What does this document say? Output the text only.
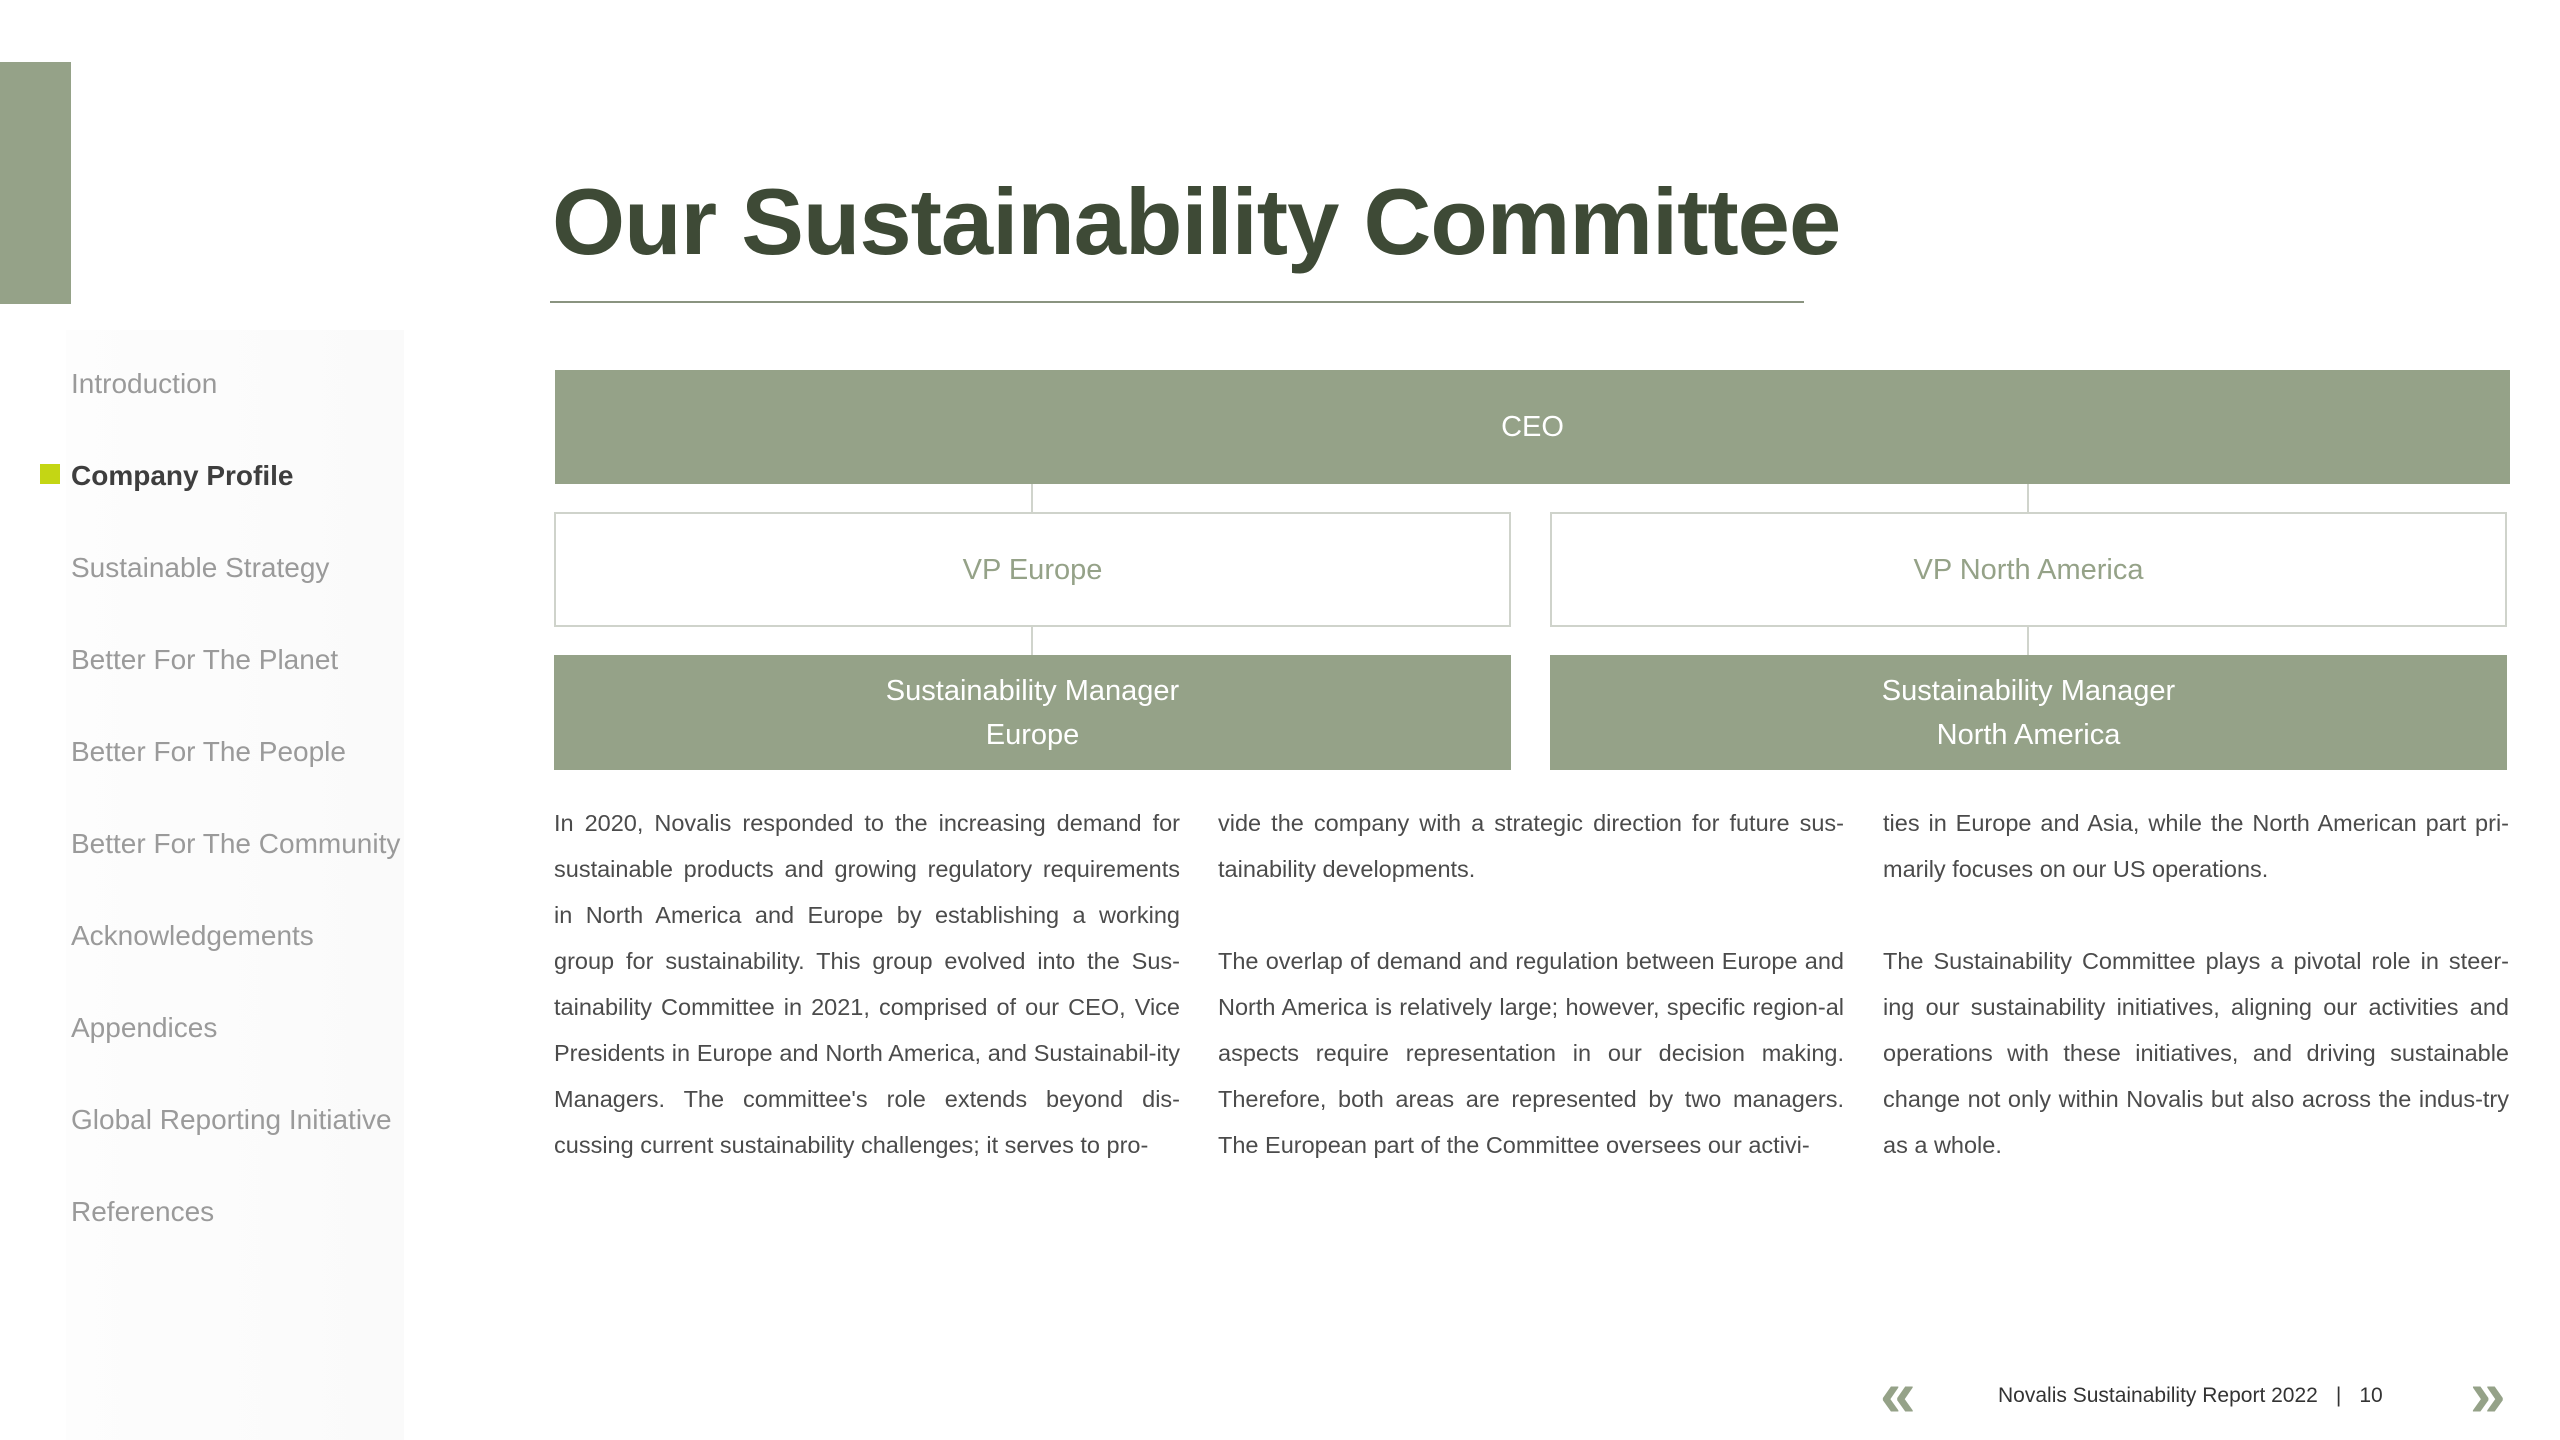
Introduction
Company Profile
Sustainable Strategy
Better For The Planet
Better For The People
Better For The Community
Acknowledgements
Appendices
Global Reporting Initiative
References
Our Sustainability Committee
CEO
VP Europe	VP North America
Sustainability Manager
Europe
Sustainability Manager
North America

In 2020, Novalis responded to the increasing demand for sustainable products and growing regulatory requirements in North America and Europe by establishing a working group for sustainability. This group evolved into the Sus-tainability Committee in 2021, comprised of our CEO, Vice Presidents in Europe and North America, and Sustainabil-ity Managers. The committee's role extends beyond dis-cussing current sustainability challenges; it serves to pro-

vide the company with a strategic direction for future sus-tainability developments.

The overlap of demand and regulation between Europe and North America is relatively large; however, specific region-al aspects require representation in our decision making. Therefore, both areas are represented by two managers. The European part of the Committee oversees our activi-

ties in Europe and Asia, while the North American part pri-marily focuses on our US operations.

The Sustainability Committee plays a pivotal role in steer-ing our sustainability initiatives, aligning our activities and operations with these initiatives, and driving sustainable change not only within Novalis but also across the indus-try as a whole.

«	Novalis Sustainability Report 2022 | 10 »
